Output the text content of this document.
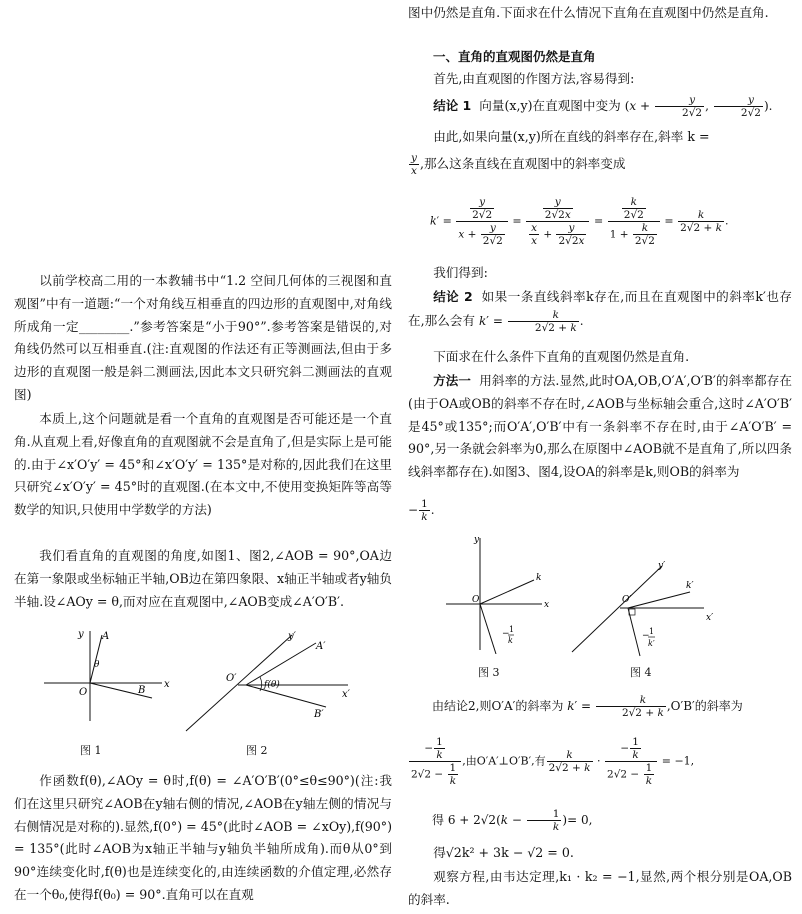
以前学校高二用的一本教辅书中“1.2 空间几何体的三视图和直观图”中有一道题:“一个对角线互相垂直的四边形的直观图中,对角线所成角一定________.”参考答案是“小于90°”.参考答案是错误的,对角线仍然可以互相垂直.(注:直观图的作法还有正等测画法,但由于多边形的直观图一般是斜二测画法,因此本文只研究斜二测画法的直观图)

本质上,这个问题就是看一个直角的直观图是否可能还是一个直角.从直观上看,好像直角的直观图就不会是直角了,但是实际上是可能的.由于∠x′O′y′ = 45°和∠x′O′y′ = 135°是对称的,因此我们在这里只研究∠x′O′y′ = 45°时的直观图.(在本文中,不使用变换矩阵等高等数学的知识,只使用中学数学的方法)

我们看直角的直观图的角度,如图1、图2,∠AOB = 90°,OA边在第一象限或坐标轴正半轴,OB边在第四象限、x轴正半轴或者y轴负半轴.设∠AOy = θ,而对应在直观图中,∠AOB变成∠A′O′B′.

x
y A
θ
O	B
图 1
x′
y′
A′
O′
f(θ)
B′
图 2

作函数f(θ),∠AOy = θ时,f(θ) = ∠A′O′B′(0°≤θ≤90°)(注:我们在这里只研究∠AOB在y轴右侧的情况,∠AOB在y轴左侧的情况与右侧情况是对称的).显然,f(0°) = 45°(此时∠AOB = ∠xOy),f(90°) = 135°(此时∠AOB为x轴正半轴与y轴负半轴所成角).而θ从0°到90°连续变化时,f(θ)也是连续变化的,由连续函数的介值定理,必然存在一个θ₀,使得f(θ₀) = 90°.直角可以在直观

图中仍然是直角.下面求在什么情况下直角在直观图中仍然是直角.

一、直角的直观图仍然是直角

首先,由直观图的作图方法,容易得到:

结论 1 向量(x,y)在直观图中变为 ($x + \frac{y}{2√2}$ , $\frac{y}{2√2}$ ).

由此,如果向量(x,y)所在直线的斜率存在,斜率 k =

$\frac{y}{x}$ ,那么这条直线在直观图中的斜率变成

$k' = \frac{\frac{y}{2√2}}{x + \frac{y}{2√2}} = \frac{\frac{y}{2√2x}}{\frac{x}{x} + \frac{y}{2√2x}} = \frac{\frac{k}{2√2}}{1 + \frac{k}{2√2}} = \frac{k}{2√2 + k}$ .

我们得到:

结论 2 如果一条直线斜率k存在,而且在直观图中的斜率k′也存在,那么会有 $k' = \frac{k}{2√2 + k}$ .

下面求在什么条件下直角的直观图仍然是直角.

方法一 用斜率的方法.显然,此时OA,OB,O′A′,O′B′的斜率都存在(由于OA或OB的斜率不存在时,∠AOB与坐标轴会重合,这时∠A′O′B′是45°或135°;而O′A′,O′B′中有一条斜率不存在时,由于∠A′O′B′ = 90°,另一条就会斜率为0,那么在原图中∠AOB就不是直角了,所以四条线斜率都存在).如图3、图4,设OA的斜率是k,则OB的斜率为

− $\frac{1}{k}$ .
y
x
O
k
− 1
k
图 3
y′
O′
k′
x′
− 1
k′
图 4

由结论2,则O′A′的斜率为 $k' = \frac{k}{2√2 + k} ,O'B'$的斜率为

$\frac{- \frac{1}{k}}{2√2 - \frac{1}{k}}$ ,由O′A′⊥O′B′,有 $\frac{k}{2√2 + k} \cdot \frac{- \frac{1}{k}}{2√2 - \frac{1}{k}} = -1$,

得 $6 + 2√2(k - \frac{1}{k}$ )= 0,

得√2k² + 3k − √2 = 0.

观察方程,由韦达定理,k₁ · k₂ = −1,显然,两个根分别是OA,OB的斜率.
